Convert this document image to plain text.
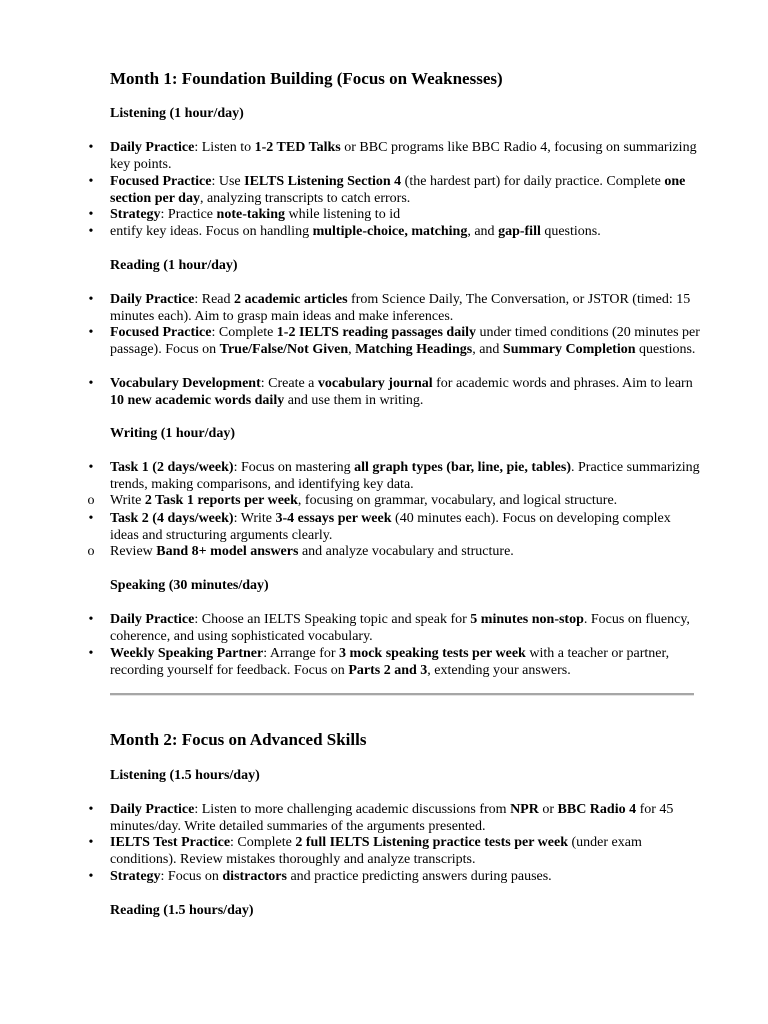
Month 1: Foundation Building (Focus on Weaknesses)
Listening (1 hour/day)
• Daily Practice: Listen to 1-2 TED Talks or BBC programs like BBC Radio 4, focusing on summarizing key points.
• Focused Practice: Use IELTS Listening Section 4 (the hardest part) for daily practice. Complete one section per day, analyzing transcripts to catch errors.
• Strategy: Practice note-taking while listening to id
• entify key ideas. Focus on handling multiple-choice, matching, and gap-fill questions.
Reading (1 hour/day)
• Daily Practice: Read 2 academic articles from Science Daily, The Conversation, or JSTOR (timed: 15 minutes each). Aim to grasp main ideas and make inferences.
• Focused Practice: Complete 1-2 IELTS reading passages daily under timed conditions (20 minutes per passage). Focus on True/False/Not Given, Matching Headings, and Summary Completion questions.
• Vocabulary Development: Create a vocabulary journal for academic words and phrases. Aim to learn 10 new academic words daily and use them in writing.
Writing (1 hour/day)
• Task 1 (2 days/week): Focus on mastering all graph types (bar, line, pie, tables). Practice summarizing trends, making comparisons, and identifying key data.
o Write 2 Task 1 reports per week, focusing on grammar, vocabulary, and logical structure.
• Task 2 (4 days/week): Write 3-4 essays per week (40 minutes each). Focus on developing complex ideas and structuring arguments clearly.
o Review Band 8+ model answers and analyze vocabulary and structure.
Speaking (30 minutes/day)
• Daily Practice: Choose an IELTS Speaking topic and speak for 5 minutes non-stop. Focus on fluency, coherence, and using sophisticated vocabulary.
• Weekly Speaking Partner: Arrange for 3 mock speaking tests per week with a teacher or partner, recording yourself for feedback. Focus on Parts 2 and 3, extending your answers.
Month 2: Focus on Advanced Skills
Listening (1.5 hours/day)
• Daily Practice: Listen to more challenging academic discussions from NPR or BBC Radio 4 for 45 minutes/day. Write detailed summaries of the arguments presented.
• IELTS Test Practice: Complete 2 full IELTS Listening practice tests per week (under exam conditions). Review mistakes thoroughly and analyze transcripts.
• Strategy: Focus on distractors and practice predicting answers during pauses.
Reading (1.5 hours/day)
